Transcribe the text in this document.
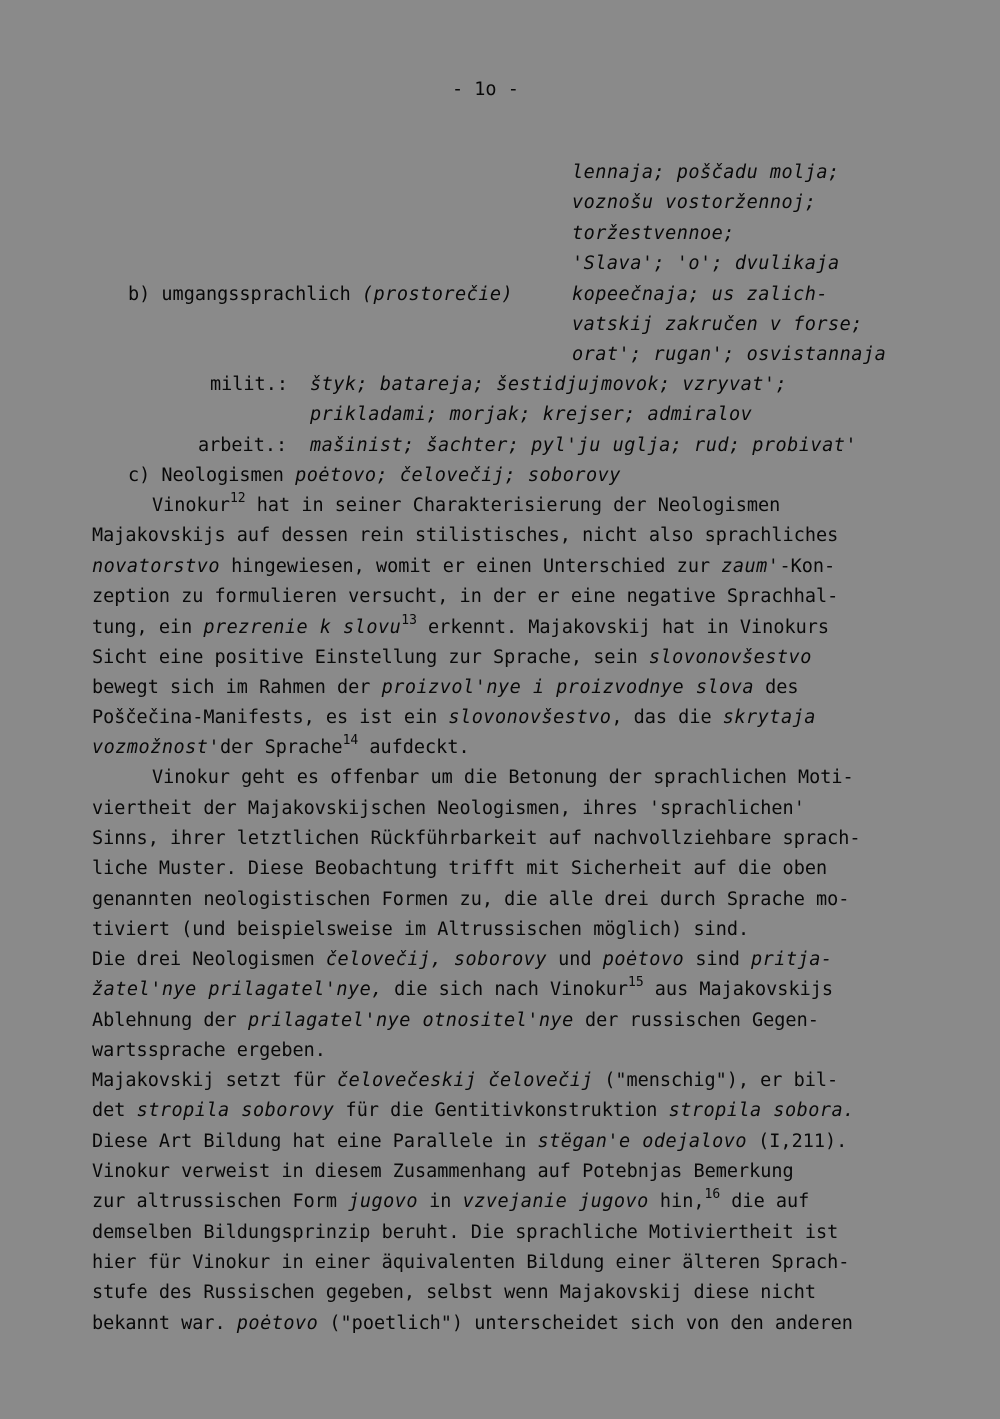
- 1o -
lennaja; poščadu molja;
voznošu vostoržennoj;
toržestvennoe;
'Slava'; 'o'; dvulikaja
b) umgangssprachlich (prostorečie)	kopeečnaja; us zalich-
vatskij zakručen v forse;
orat'; rugan'; osvistannaja
milit.: štyk; batareja; šestidjujmovok; vzryvat';
prikladami; morjak; krejser; admiralov
arbeit.: mašinist; šachter; pyl'ju uglja; rud; probivat'
c) Neologismen poėtovo; čelovečij; soborovy
Vinokur$^{12}$ hat in seiner Charakterisierung der Neologismen
Majakovskijs auf dessen rein stilistisches, nicht also sprachliches
novatorstvo hingewiesen, womit er einen Unterschied zur zaum'-Kon-
zeption zu formulieren versucht, in der er eine negative Sprachhal-
tung, ein prezrenie k slovu$^{13}$ erkennt. Majakovskij hat in Vinokurs
Sicht eine positive Einstellung zur Sprache, sein slovonovšestvo
bewegt sich im Rahmen der proizvol'nye i proizvodnye slova des
Poščečina-Manifests, es ist ein slovonovšestvo, das die skrytaja
vozmožnost'der Sprache$^{14}$ aufdeckt.
Vinokur geht es offenbar um die Betonung der sprachlichen Moti-
viertheit der Majakovskijschen Neologismen, ihres 'sprachlichen'
Sinns, ihrer letztlichen Rückführbarkeit auf nachvollziehbare sprach-
liche Muster. Diese Beobachtung trifft mit Sicherheit auf die oben
genannten neologistischen Formen zu, die alle drei durch Sprache mo-
tiviert (und beispielsweise im Altrussischen möglich) sind.
Die drei Neologismen čelovečij, soborovy und poėtovo sind pritja-
žatel'nye prilagatel'nye, die sich nach Vinokur$^{15}$ aus Majakovskijs
Ablehnung der prilagatel'nye otnositel'nye der russischen Gegen-
wartssprache ergeben.
Majakovskij setzt für čelovečeskij čelovečij ("menschig"), er bil-
det stropila soborovy für die Gentitivkonstruktion stropila sobora.
Diese Art Bildung hat eine Parallele in stëgan'e odejalovo (I,211).
Vinokur verweist in diesem Zusammenhang auf Potebnjas Bemerkung
zur altrussischen Form jugovo in vzvejanie jugovo hin,$^{16}$ die auf
demselben Bildungsprinzip beruht. Die sprachliche Motiviertheit ist
hier für Vinokur in einer äquivalenten Bildung einer älteren Sprach-
stufe des Russischen gegeben, selbst wenn Majakovskij diese nicht
bekannt war. poėtovo ("poetlich") unterscheidet sich von den anderen
